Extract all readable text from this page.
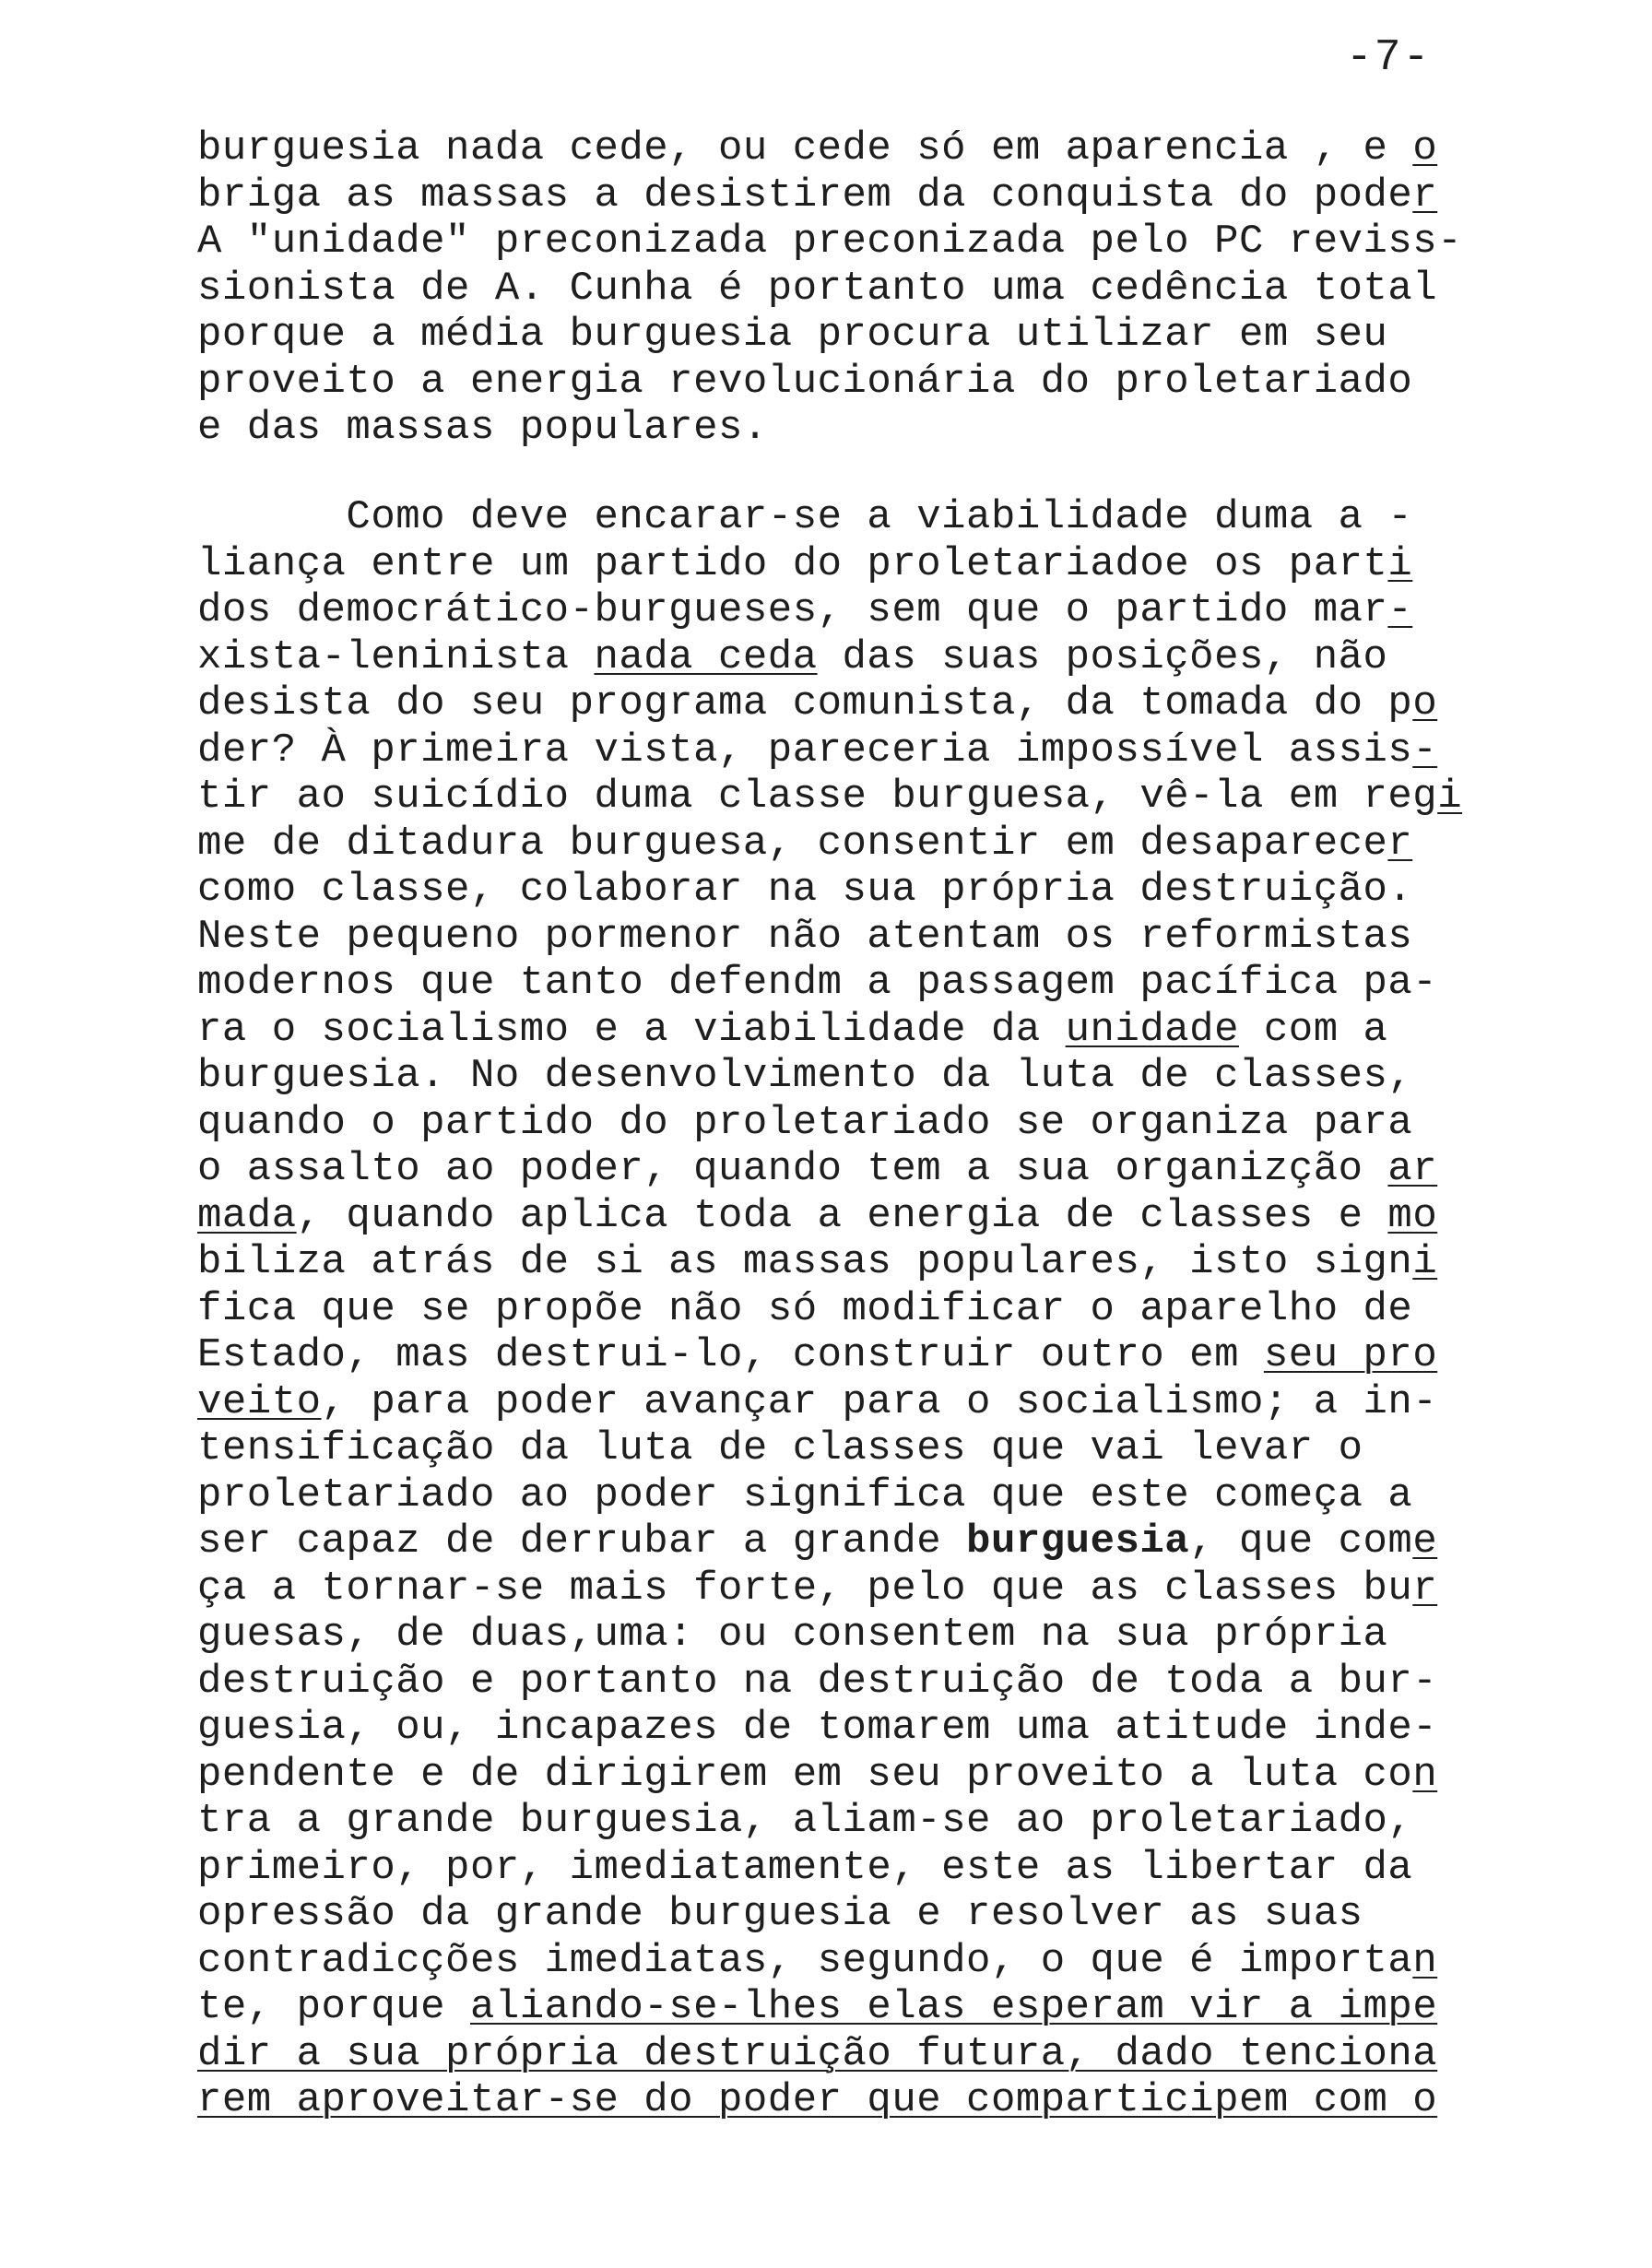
-7-
burguesia nada cede, ou cede só em aparencia , e o
briga as massas a desistirem da conquista do poder
A "unidade" preconizada preconizada pelo PC reviss-
sionista de A. Cunha é portanto uma cedência total
porque a média burguesia procura utilizar em seu
proveito a energia revolucionária do proletariado
e das massas populares.
Como deve encarar-se a viabilidade duma a -
liança entre um partido do proletariadoe os parti
dos democrático-burgueses, sem que o partido mar-
xista-leninista nada ceda das suas posições, não
desista do seu programa comunista, da tomada do po
der? À primeira vista, pareceria impossível assis-
tir ao suicídio duma classe burguesa, vê-la em regi
me de ditadura burguesa, consentir em desaparecer
como classe, colaborar na sua própria destruição.
Neste pequeno pormenor não atentam os reformistas
modernos que tanto defendm a passagem pacífica pa-
ra o socialismo e a viabilidade da unidade com a
burguesia. No desenvolvimento da luta de classes,
quando o partido do proletariado se organiza para
o assalto ao poder, quando tem a sua organizção ar
mada, quando aplica toda a energia de classes e mo
biliza atrás de si as massas populares, isto signi
fica que se propõe não só modificar o aparelho de
Estado, mas destrui-lo, construir outro em seu pro
veito, para poder avançar para o socialismo; a in-
tensificação da luta de classes que vai levar o
proletariado ao poder significa que este começa a
ser capaz de derrubar a grande burguesia, que come
ça a tornar-se mais forte, pelo que as classes bur
guesas, de duas,uma: ou consentem na sua própria
destruição e portanto na destruição de toda a bur-
guesia, ou, incapazes de tomarem uma atitude inde-
pendente e de dirigirem em seu proveito a luta con
tra a grande burguesia, aliam-se ao proletariado,
primeiro, por, imediatamente, este as libertar da
opressão da grande burguesia e resolver as suas
contradicções imediatas, segundo, o que é importan
te, porque aliando-se-lhes elas esperam vir a impe
dir a sua própria destruição futura, dado tenciona
rem aproveitar-se do poder que comparticipem com o
